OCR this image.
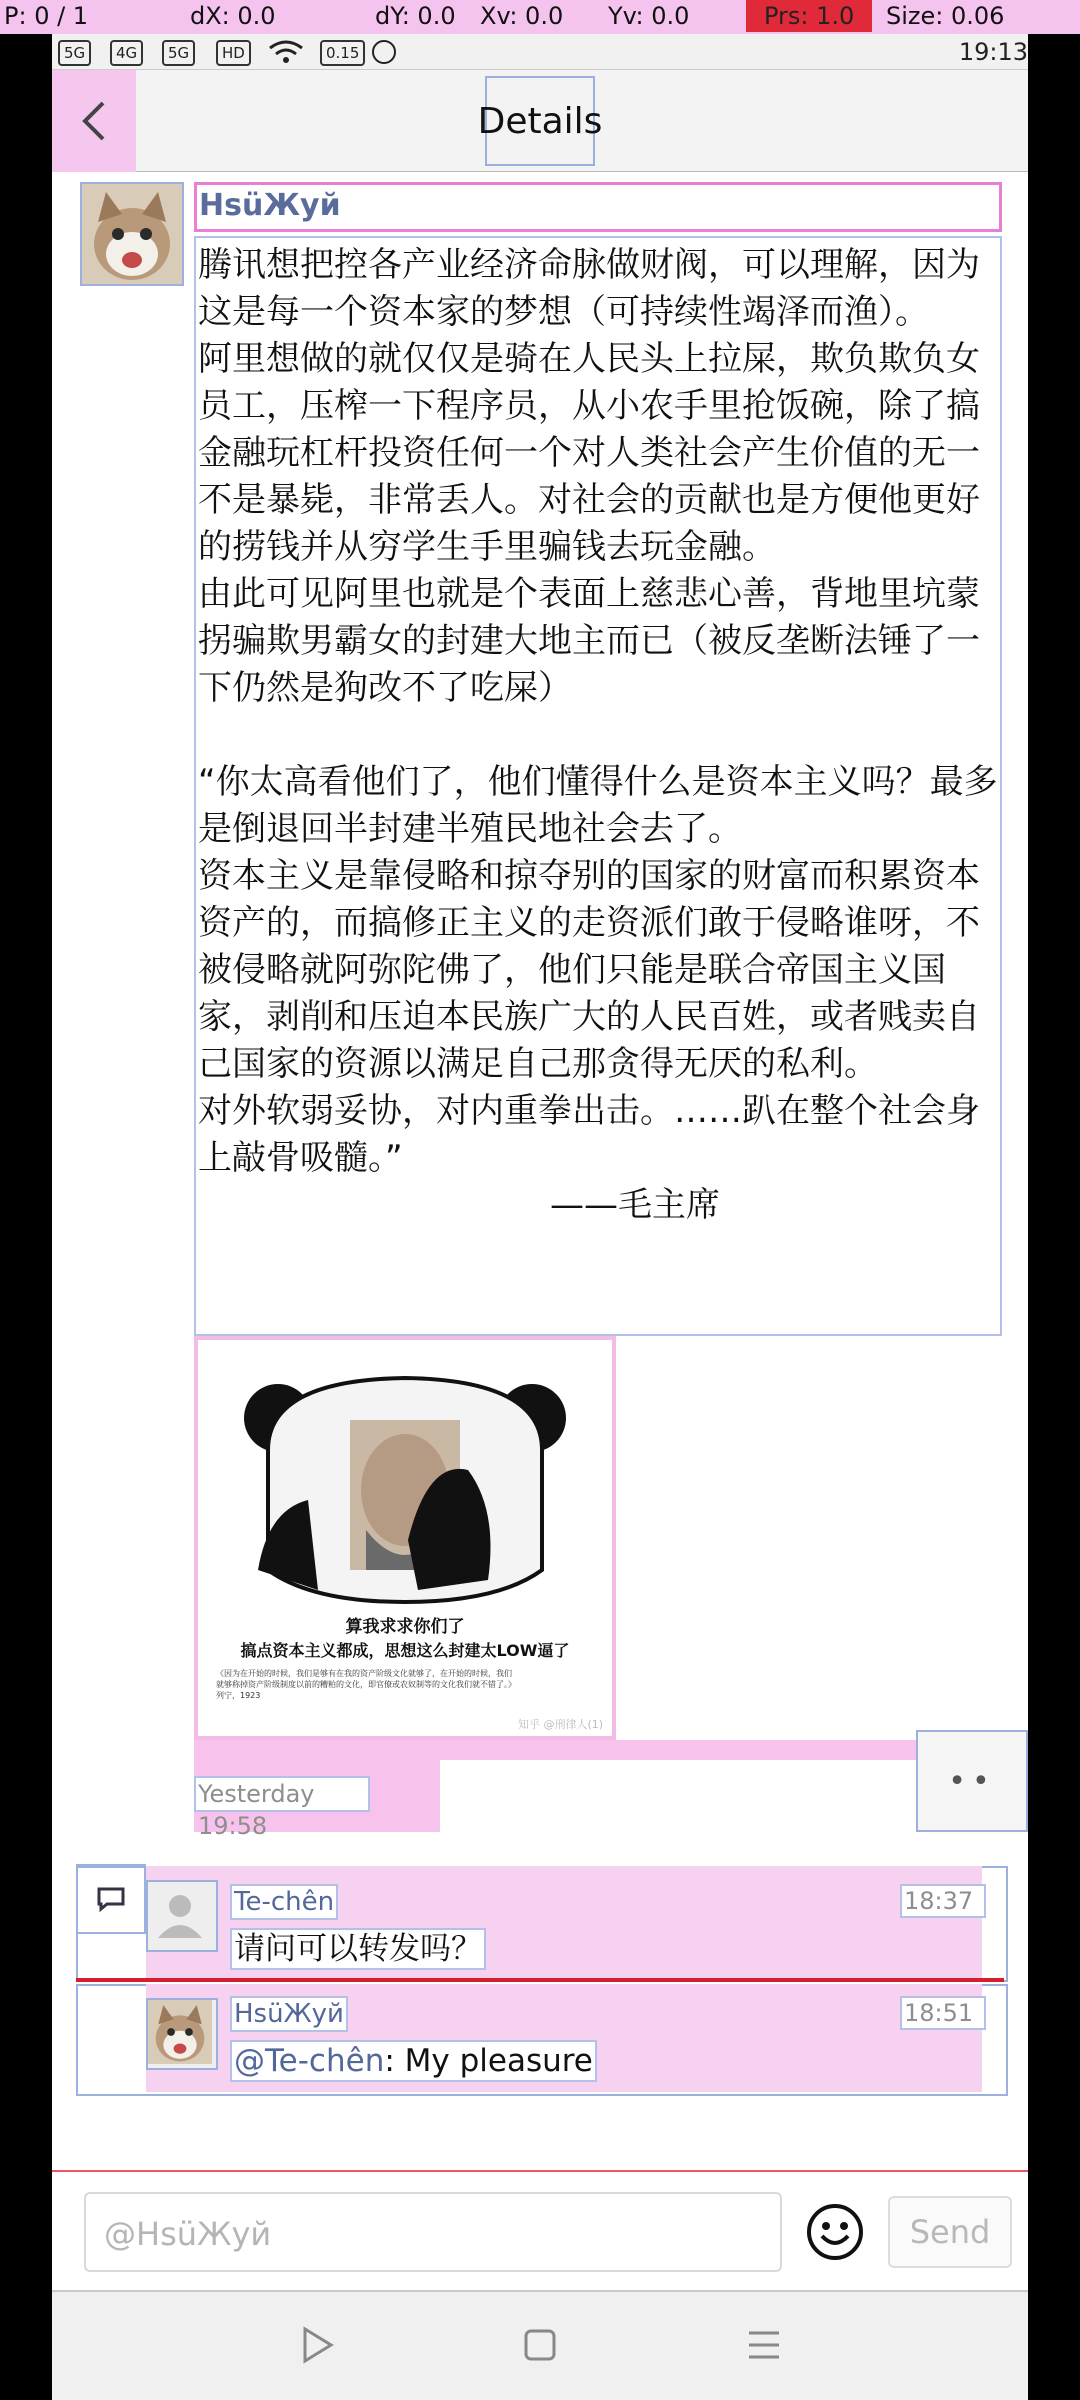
P: 0 / 1	dX: 0.0	dY: 0.0 Xv: 0.0 Yv: 0.0	Prs: 1.0	Size: 0.06
5G	4G	5G	HD	0.15	19:13
Details
HsüЖуй
腾讯想把控各产业经济命脉做财阀，可以理解，因为这是每一个资本家的梦想（可持续性竭泽而渔）。
阿里想做的就仅仅是骑在人民头上拉屎，欺负欺负女员工，压榨一下程序员，从小农手里抢饭碗，除了搞金融玩杠杆投资任何一个对人类社会产生价值的无一不是暴毙，非常丢人。对社会的贡献也是方便他更好的捞钱并从穷学生手里骗钱去玩金融。
由此可见阿里也就是个表面上慈悲心善，背地里坑蒙拐骗欺男霸女的封建大地主而已（被反垄断法锤了一下仍然是狗改不了吃屎）
“你太高看他们了，他们懂得什么是资本主义吗？最多是倒退回半封建半殖民地社会去了。
资本主义是靠侵略和掠夺别的国家的财富而积累资本资产的，而搞修正主义的走资派们敢于侵略谁呀，不被侵略就阿弥陀佛了，他们只能是联合帝国主义国家，剥削和压迫本民族广大的人民百姓，或者贱卖自己国家的资源以满足自己那贪得无厌的私利。
对外软弱妥协，对内重拳出击。……趴在整个社会身上敲骨吸髓。”
——毛主席
算我求求你们了
搞点资本主义都成，思想这么封建太LOW逼了
《因为在开始的时候，我们是够有在我的资产阶级文化就够了，在开始的时候，我们就够称掉资产阶级制度以前的糟粕的文化，即官僚或农奴制等的文化我们就不错了。》列宁，1923
知乎 @刑律人(1)
Yesterday 19:58
••
Te-chên	18:37
请问可以转发吗？
HsüЖуй	18:51
@Te-chên: My pleasure
@HsüЖуй
Send
